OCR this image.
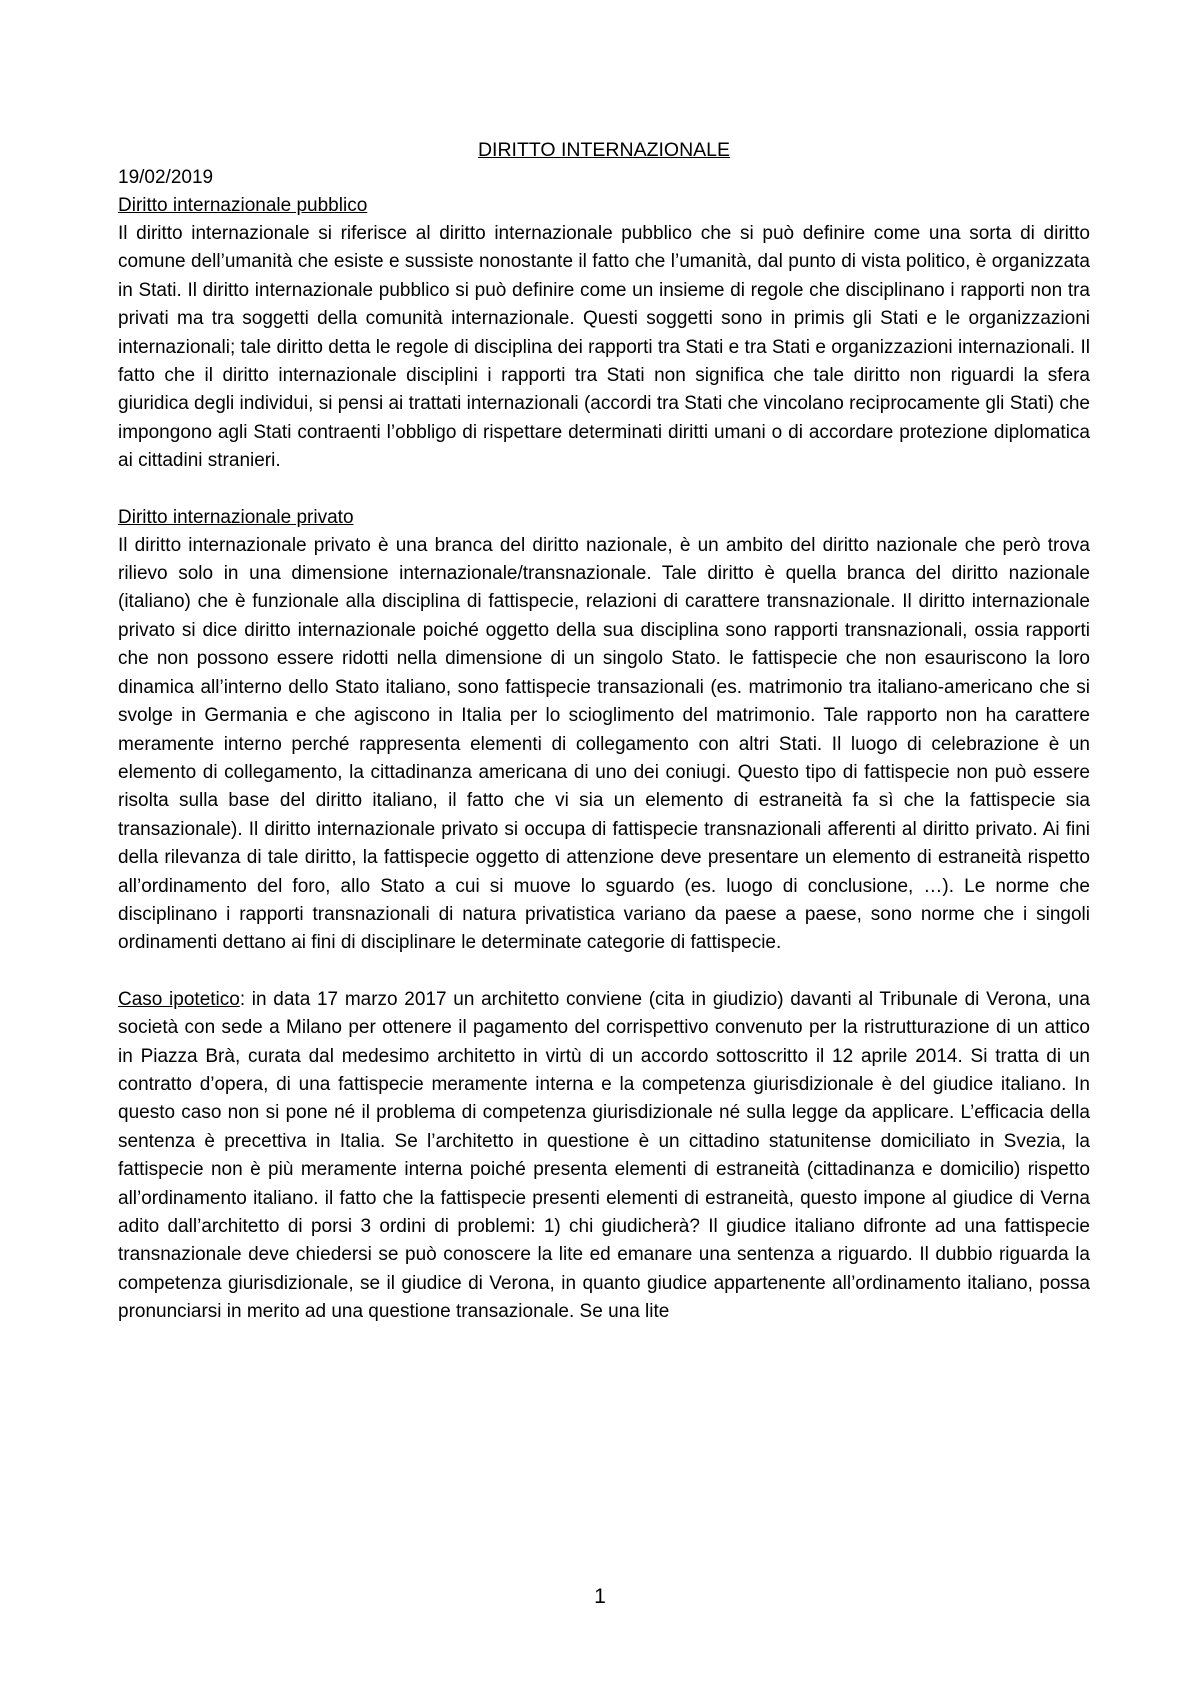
DIRITTO INTERNAZIONALE

19/02/2019

Diritto internazionale pubblico

Il diritto internazionale si riferisce al diritto internazionale pubblico che si può definire come una sorta di diritto comune dell’umanità che esiste e sussiste nonostante il fatto che l’umanità, dal punto di vista politico, è organizzata in Stati. Il diritto internazionale pubblico si può definire come un insieme di regole che disciplinano i rapporti non tra privati ma tra soggetti della comunità internazionale. Questi soggetti sono in primis gli Stati e le organizzazioni internazionali; tale diritto detta le regole di disciplina dei rapporti tra Stati e tra Stati e organizzazioni internazionali. Il fatto che il diritto internazionale disciplini i rapporti tra Stati non significa che tale diritto non riguardi la sfera giuridica degli individui, si pensi ai trattati internazionali (accordi tra Stati che vincolano reciprocamente gli Stati) che impongono agli Stati contraenti l’obbligo di rispettare determinati diritti umani o di accordare protezione diplomatica ai cittadini stranieri.

Diritto internazionale privato

Il diritto internazionale privato è una branca del diritto nazionale, è un ambito del diritto nazionale che però trova rilievo solo in una dimensione internazionale/transnazionale. Tale diritto è quella branca del diritto nazionale (italiano) che è funzionale alla disciplina di fattispecie, relazioni di carattere transnazionale. Il diritto internazionale privato si dice diritto internazionale poiché oggetto della sua disciplina sono rapporti transnazionali, ossia rapporti che non possono essere ridotti nella dimensione di un singolo Stato. le fattispecie che non esauriscono la loro dinamica all’interno dello Stato italiano, sono fattispecie transazionali (es. matrimonio tra italiano-americano che si svolge in Germania e che agiscono in Italia per lo scioglimento del matrimonio. Tale rapporto non ha carattere meramente interno perché rappresenta elementi di collegamento con altri Stati. Il luogo di celebrazione è un elemento di collegamento, la cittadinanza americana di uno dei coniugi. Questo tipo di fattispecie non può essere risolta sulla base del diritto italiano, il fatto che vi sia un elemento di estraneità fa sì che la fattispecie sia transazionale). Il diritto internazionale privato si occupa di fattispecie transnazionali afferenti al diritto privato. Ai fini della rilevanza di tale diritto, la fattispecie oggetto di attenzione deve presentare un elemento di estraneità rispetto all’ordinamento del foro, allo Stato a cui si muove lo sguardo (es. luogo di conclusione, …). Le norme che disciplinano i rapporti transnazionali di natura privatistica variano da paese a paese, sono norme che i singoli ordinamenti dettano ai fini di disciplinare le determinate categorie di fattispecie.

Caso ipotetico: in data 17 marzo 2017 un architetto conviene (cita in giudizio) davanti al Tribunale di Verona, una società con sede a Milano per ottenere il pagamento del corrispettivo convenuto per la ristrutturazione di un attico in Piazza Brà, curata dal medesimo architetto in virtù di un accordo sottoscritto il 12 aprile 2014. Si tratta di un contratto d’opera, di una fattispecie meramente interna e la competenza giurisdizionale è del giudice italiano. In questo caso non si pone né il problema di competenza giurisdizionale né sulla legge da applicare. L’efficacia della sentenza è precettiva in Italia. Se l’architetto in questione è un cittadino statunitense domiciliato in Svezia, la fattispecie non è più meramente interna poiché presenta elementi di estraneità (cittadinanza e domicilio) rispetto all’ordinamento italiano. il fatto che la fattispecie presenti elementi di estraneità, questo impone al giudice di Verna adito dall’architetto di porsi 3 ordini di problemi: 1) chi giudicherà? Il giudice italiano difronte ad una fattispecie transnazionale deve chiedersi se può conoscere la lite ed emanare una sentenza a riguardo. Il dubbio riguarda la competenza giurisdizionale, se il giudice di Verona, in quanto giudice appartenente all’ordinamento italiano, possa pronunciarsi in merito ad una questione transazionale. Se una lite

1
